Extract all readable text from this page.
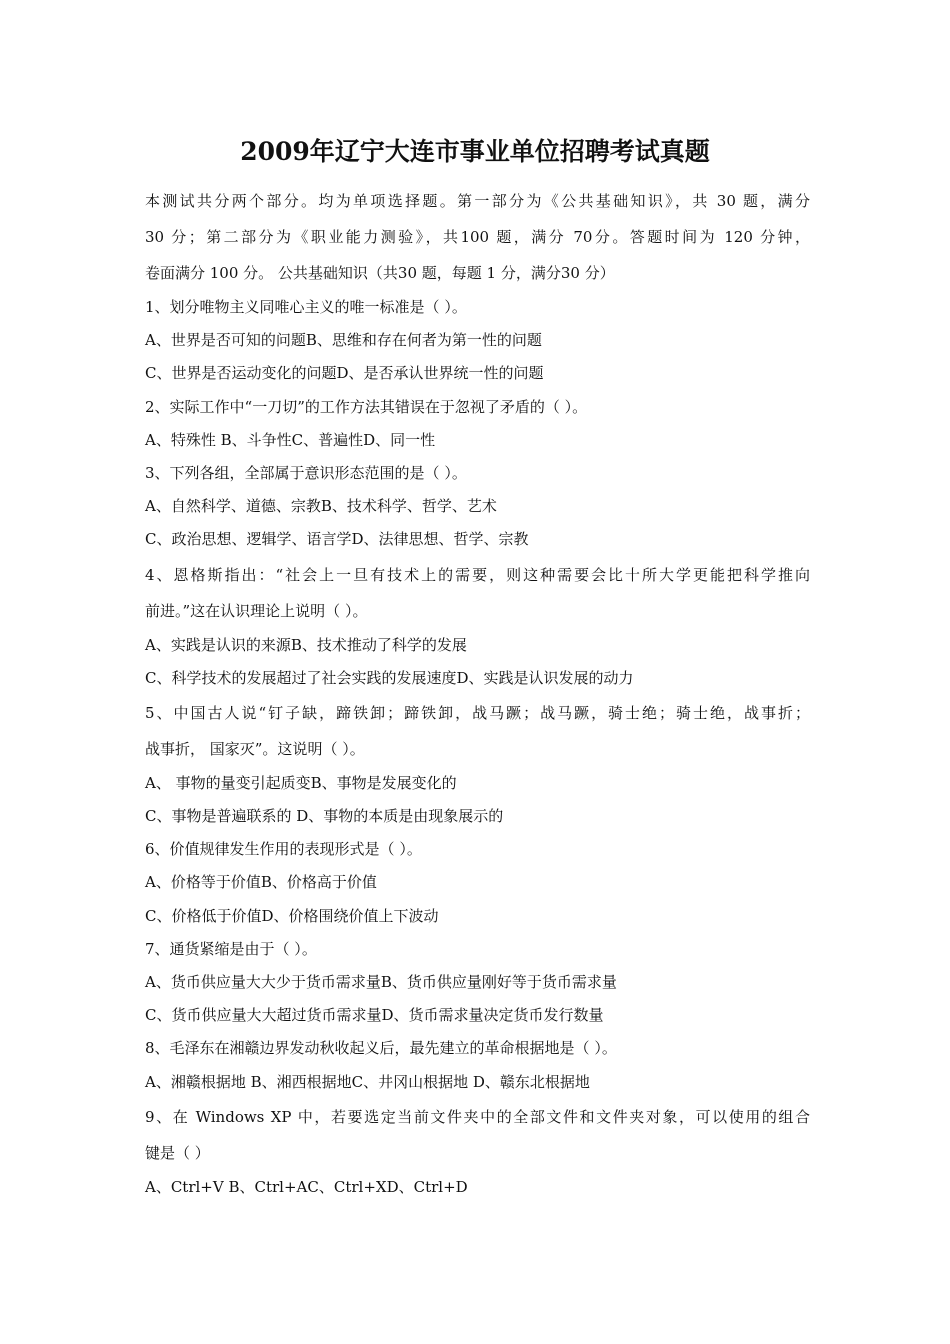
2009年辽宁大连市事业单位招聘考试真题

本测试共分两个部分。均为单项选择题。第一部分为《公共基础知识》，共 30 题，满分

30 分；第二部分为《职业能力测验》，共100 题，满分 70分。答题时间为 120 分钟，

卷面满分 100 分。 公共基础知识（共30 题，每题 1 分，满分30 分）

1、划分唯物主义同唯心主义的唯一标准是（ ）。
A、世界是否可知的问题B、思维和存在何者为第一性的问题
C、世界是否运动变化的问题D、是否承认世界统一性的问题
2、实际工作中“一刀切”的工作方法其错误在于忽视了矛盾的（ ）。
A、特殊性 B、斗争性C、普遍性D、同一性
3、下列各组，全部属于意识形态范围的是（ ）。
A、自然科学、道德、宗教B、技术科学、哲学、艺术
C、政治思想、逻辑学、语言学D、法律思想、哲学、宗教
4、恩格斯指出：“社会上一旦有技术上的需要，则这种需要会比十所大学更能把科学推向
前进。”这在认识理论上说明（ ）。
A、实践是认识的来源B、技术推动了科学的发展
C、科学技术的发展超过了社会实践的发展速度D、实践是认识发展的动力
5、中国古人说“钉子缺，蹄铁卸；蹄铁卸，战马蹶；战马蹶，骑士绝；骑士绝，战事折；
战事折， 国家灭”。这说明（ ）。
A、 事物的量变引起质变B、事物是发展变化的
C、事物是普遍联系的 D、事物的本质是由现象展示的
6、价值规律发生作用的表现形式是（ ）。
A、价格等于价值B、价格高于价值
C、价格低于价值D、价格围绕价值上下波动
7、通货紧缩是由于（ ）。
A、货币供应量大大少于货币需求量B、货币供应量刚好等于货币需求量
C、货币供应量大大超过货币需求量D、货币需求量决定货币发行数量
8、毛泽东在湘赣边界发动秋收起义后，最先建立的革命根据地是（ ）。
A、湘赣根据地 B、湘西根据地C、井冈山根据地 D、赣东北根据地
9、在 Windows XP 中，若要选定当前文件夹中的全部文件和文件夹对象，可以使用的组合
键是（ ）
A、Ctrl+V B、Ctrl+AC、Ctrl+XD、Ctrl+D
